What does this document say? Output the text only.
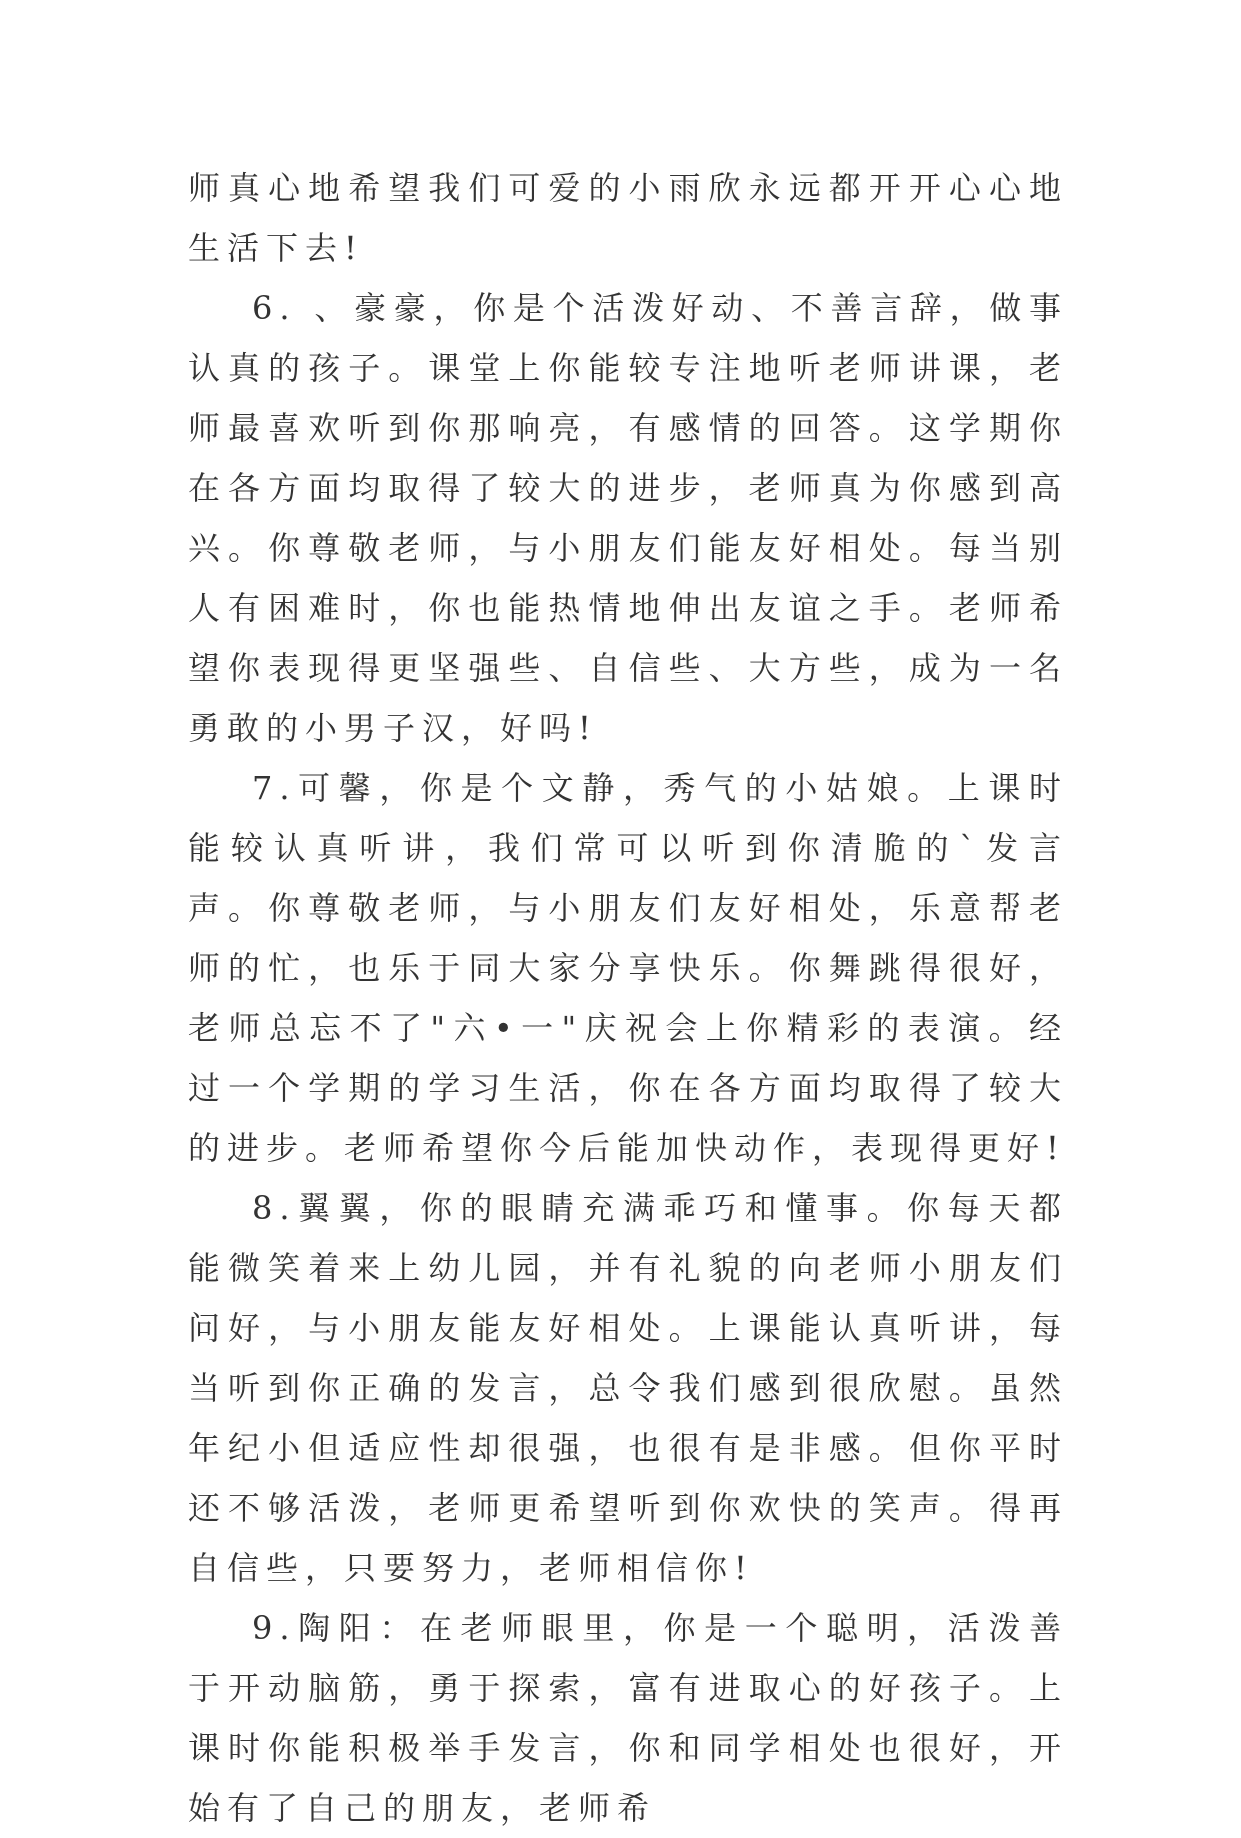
师真心地希望我们可爱的小雨欣永远都开开心心地生活下去!

6. 、豪豪，你是个活泼好动、不善言辞，做事认真的孩子。课堂上你能较专注地听老师讲课，老师最喜欢听到你那响亮，有感情的回答。这学期你在各方面均取得了较大的进步，老师真为你感到高兴。你尊敬老师，与小朋友们能友好相处。每当别人有困难时，你也能热情地伸出友谊之手。老师希望你表现得更坚强些、自信些、大方些，成为一名勇敢的小男子汉，好吗!

7.可馨，你是个文静，秀气的小姑娘。上课时能较认真听讲，我们常可以听到你清脆的`发言声。你尊敬老师，与小朋友们友好相处，乐意帮老师的忙，也乐于同大家分享快乐。你舞跳得很好，老师总忘不了"六•一"庆祝会上你精彩的表演。经过一个学期的学习生活，你在各方面均取得了较大的进步。老师希望你今后能加快动作，表现得更好!

8.翼翼，你的眼睛充满乖巧和懂事。你每天都能微笑着来上幼儿园，并有礼貌的向老师小朋友们问好，与小朋友能友好相处。上课能认真听讲，每当听到你正确的发言，总令我们感到很欣慰。虽然年纪小但适应性却很强，也很有是非感。但你平时还不够活泼，老师更希望听到你欢快的笑声。得再自信些，只要努力，老师相信你!

9.陶阳：在老师眼里，你是一个聪明，活泼善于开动脑筋，勇于探索，富有进取心的好孩子。上课时你能积极举手发言，你和同学相处也很好，开始有了自己的朋友，老师希
